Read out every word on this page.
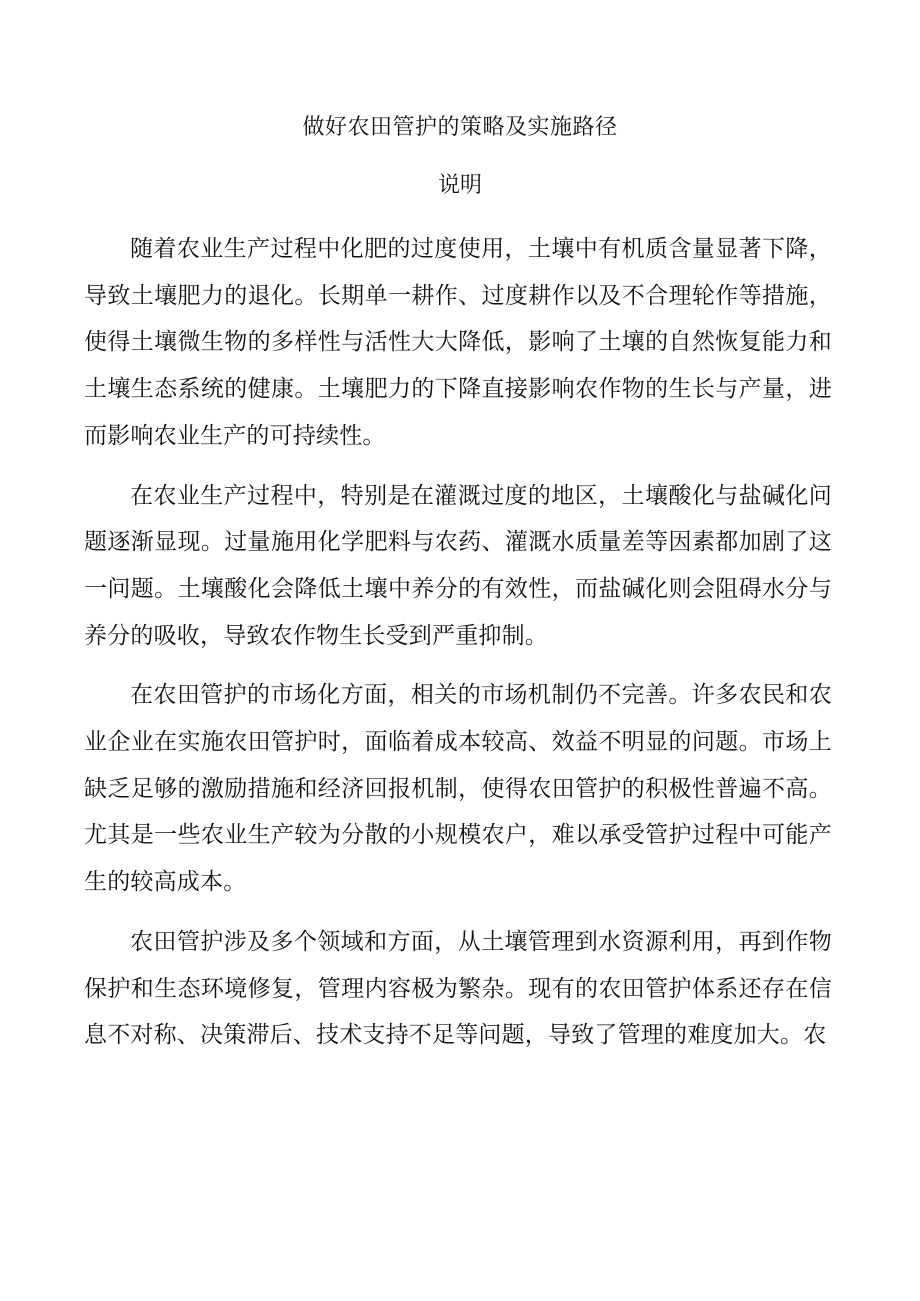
做好农田管护的策略及实施路径
说明

随着农业生产过程中化肥的过度使用，土壤中有机质含量显著下降，导致土壤肥力的退化。长期单一耕作、过度耕作以及不合理轮作等措施，使得土壤微生物的多样性与活性大大降低，影响了土壤的自然恢复能力和土壤生态系统的健康。土壤肥力的下降直接影响农作物的生长与产量，进而影响农业生产的可持续性。

在农业生产过程中，特别是在灌溉过度的地区，土壤酸化与盐碱化问题逐渐显现。过量施用化学肥料与农药、灌溉水质量差等因素都加剧了这一问题。土壤酸化会降低土壤中养分的有效性，而盐碱化则会阻碍水分与养分的吸收，导致农作物生长受到严重抑制。

在农田管护的市场化方面，相关的市场机制仍不完善。许多农民和农业企业在实施农田管护时，面临着成本较高、效益不明显的问题。市场上缺乏足够的激励措施和经济回报机制，使得农田管护的积极性普遍不高。尤其是一些农业生产较为分散的小规模农户，难以承受管护过程中可能产生的较高成本。

农田管护涉及多个领域和方面，从土壤管理到水资源利用，再到作物保护和生态环境修复，管理内容极为繁杂。现有的农田管护体系还存在信息不对称、决策滞后、技术支持不足等问题，导致了管理的难度加大。农
